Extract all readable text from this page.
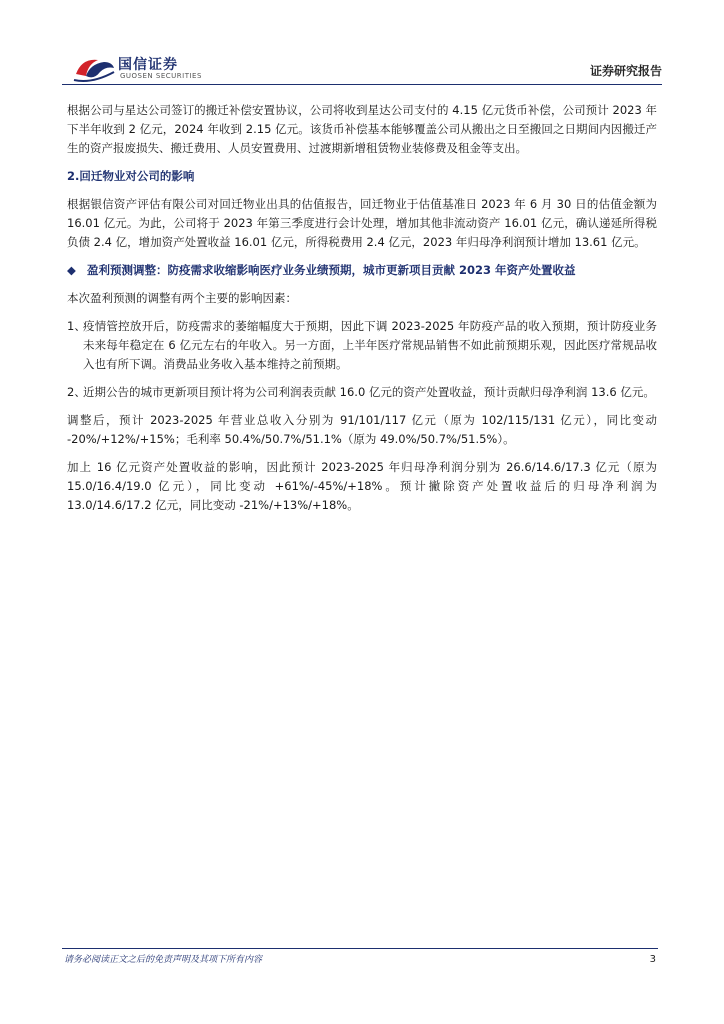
国信证券
GUOSEN SECURITIES	证券研究报告

根据公司与星达公司签订的搬迁补偿安置协议，公司将收到星达公司支付的 4.15 亿元货币补偿，公司预计 2023 年下半年收到 2 亿元，2024 年收到 2.15 亿元。该货币补偿基本能够覆盖公司从搬出之日至搬回之日期间内因搬迁产生的资产报废损失、搬迁费用、人员安置费用、过渡期新增租赁物业装修费及租金等支出。

2.回迁物业对公司的影响

根据银信资产评估有限公司对回迁物业出具的估值报告，回迁物业于估值基准日 2023 年 6 月 30 日的估值金额为 16.01 亿元。为此，公司将于 2023 年第三季度进行会计处理，增加其他非流动资产 16.01 亿元，确认递延所得税负债 2.4 亿，增加资产处置收益 16.01 亿元，所得税费用 2.4 亿元，2023 年归母净利润预计增加 13.61 亿元。

◆ 盈利预测调整：防疫需求收缩影响医疗业务业绩预期，城市更新项目贡献 2023 年资产处置收益

本次盈利预测的调整有两个主要的影响因素：

1、
疫情管控放开后，防疫需求的萎缩幅度大于预期，因此下调 2023-2025 年防疫产品的收入预期，预计防疫业务未来每年稳定在 6 亿元左右的年收入。另一方面，上半年医疗常规品销售不如此前预期乐观，因此医疗常规品收入也有所下调。消费品业务收入基本维持之前预期。
2、
近期公告的城市更新项目预计将为公司利润表贡献 16.0 亿元的资产处置收益，预计贡献归母净利润 13.6 亿元。

调整后，预计 2023-2025 年营业总收入分别为 91/101/117 亿元（原为 102/115/131 亿元），同比变动 -20%/+12%/+15%；毛利率 50.4%/50.7%/51.1%（原为 49.0%/50.7%/51.5%）。

加上 16 亿元资产处置收益的影响，因此预计 2023-2025 年归母净利润分别为 26.6/14.6/17.3 亿元（原为 15.0/16.4/19.0 亿元），同比变动 +61%/-45%/+18%。预计撇除资产处置收益后的归母净利润为 13.0/14.6/17.2 亿元，同比变动 -21%/+13%/+18%。

请务必阅读正文之后的免责声明及其项下所有内容	3
